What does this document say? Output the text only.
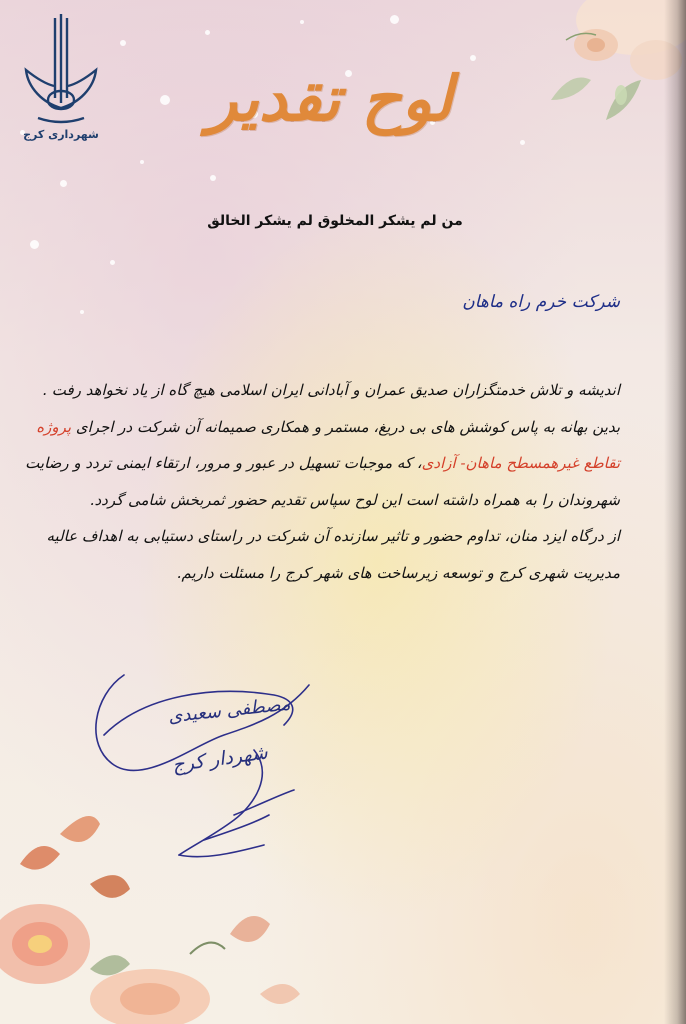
شهرداری کرج	لوح تقدیر
من لم یشکر المخلوق لم یشکر الخالق
شرکت خرم راه ماهان

اندیشه و تلاش خدمتگزاران صدیق عمران و آبادانی ایران اسلامی هیچ گاه از یاد نخواهد رفت .

بدین بهانه به پاس کوشش های بی دریغ، مستمر و همکاری صمیمانه آن شرکت در اجرای پروژه تقاطع غیرهمسطح ماهان- آزادی، که موجبات تسهیل در عبور و مرور، ارتقاء ایمنی تردد و رضایت شهروندان را به همراه داشته است این لوح سپاس تقدیم حضور ثمربخش شامی گردد.

از درگاه ایزد منان، تداوم حضور و تاثیر سازنده آن شرکت در راستای دستیابی به اهداف عالیه مدیریت شهری کرج و توسعه زیرساخت های شهر کرج را مسئلت داریم.

مصطفی سعیدی
شهردار کرج
